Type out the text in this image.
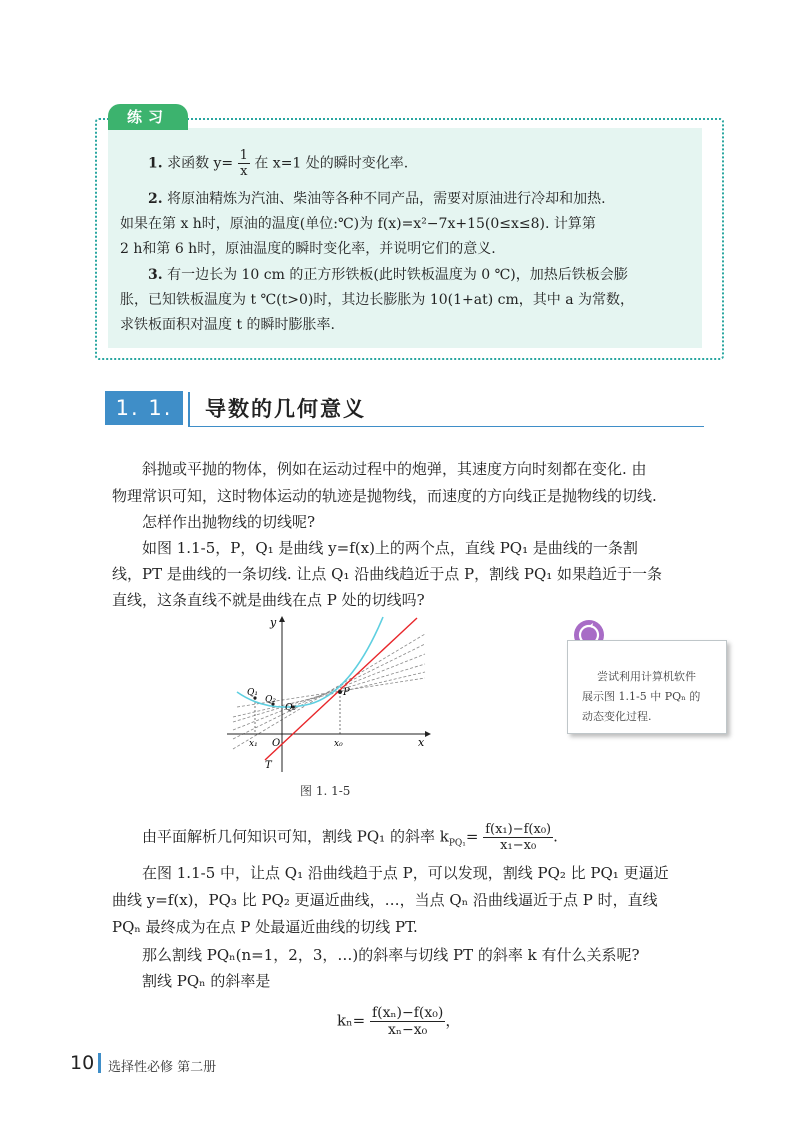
练习
1. 求函数 $y= \frac{1}{x}$ 在 x=1 处的瞬时变化率.
2. 将原油精炼为汽油、柴油等各种不同产品，需要对原油进行冷却和加热.
如果在第 x h时，原油的温度(单位:℃)为 f(x)=x²−7x+15(0≤x≤8). 计算第
2 h和第 6 h时，原油温度的瞬时变化率，并说明它们的意义.
3. 有一边长为 10 cm 的正方形铁板(此时铁板温度为 0 ℃)，加热后铁板会膨
胀，已知铁板温度为 t ℃(t>0)时，其边长膨胀为 10(1+at) cm，其中 a 为常数，
求铁板面积对温度 t 的瞬时膨胀率.
1. 1. 3
导数的几何意义
斜抛或平抛的物体，例如在运动过程中的炮弹，其速度方向时刻都在变化. 由
物理常识可知，这时物体运动的轨迹是抛物线，而速度的方向线正是抛物线的切线.
怎样作出抛物线的切线呢?
如图 1.1-5，P，Q₁ 是曲线 y=f(x)上的两个点，直线 PQ₁ 是曲线的一条割
线，PT 是曲线的一条切线. 让点 Q₁ 沿曲线趋近于点 P，割线 PQ₁ 如果趋近于一条
直线，这条直线不就是曲线在点 P 处的切线吗?
y
x
O
P
Q₁
Q₂
Q₃
x₁	x₀
T
图 1. 1-5
尝试利用计算机软件
展示图 1.1-5 中 PQₙ 的
动态变化过程.
由平面解析几何知识可知，割线 PQ₁ 的斜率 $k_{PQ_1}= \frac{\text{f(x₁)−f(x₀)}}{\text{x₁−x₀}}$ .
在图 1.1-5 中，让点 Q₁ 沿曲线趋于点 P，可以发现，割线 PQ₂ 比 PQ₁ 更逼近
曲线 y=f(x)，PQ₃ 比 PQ₂ 更逼近曲线，…，当点 Qₙ 沿曲线逼近于点 P 时，直线
PQₙ 最终成为在点 P 处最逼近曲线的切线 PT.
那么割线 PQₙ(n=1，2，3，…)的斜率与切线 PT 的斜率 k 有什么关系呢?
割线 PQₙ 的斜率是
$k_n= \frac{\text{f(xₙ)−f(x₀)}}{\text{xₙ−x₀}}$ ，
10 选择性必修 第二册
